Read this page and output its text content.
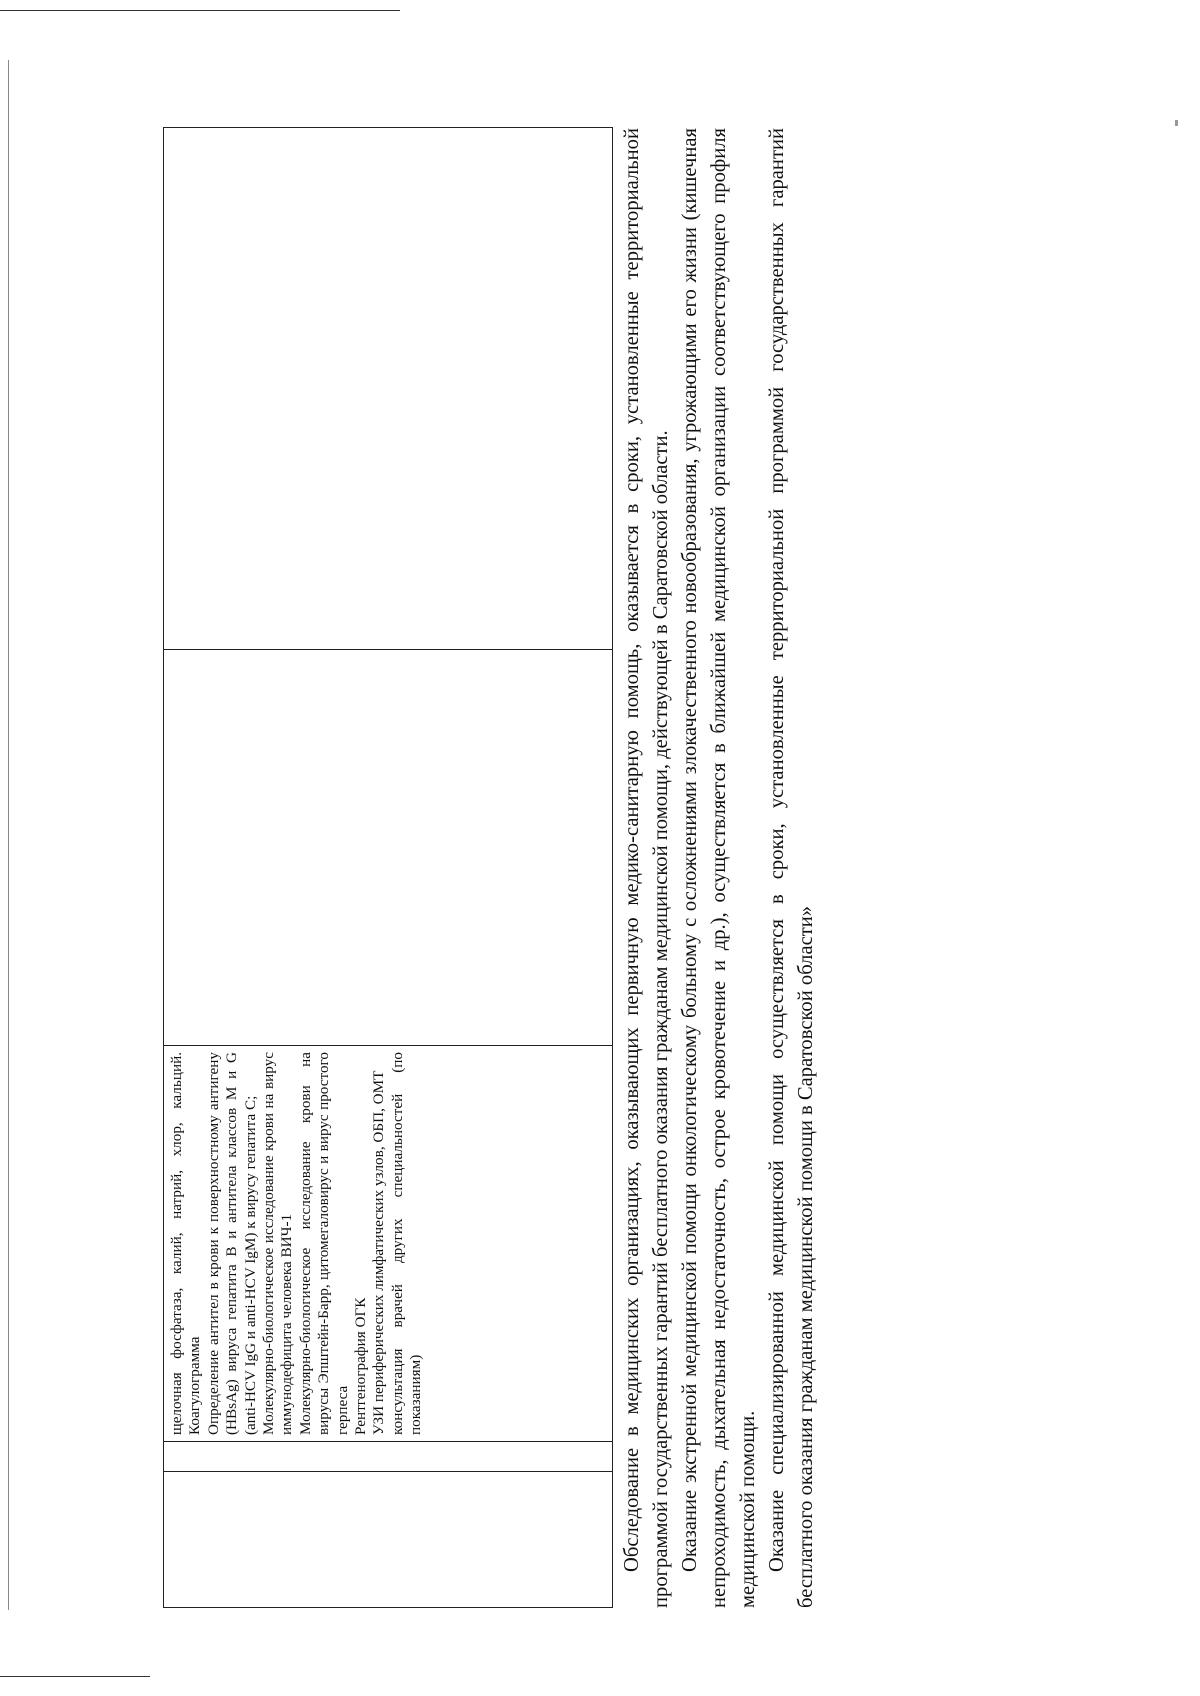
щелочная фосфатаза, калий, натрий, хлор, кальций. Коагулограмма Определение антител в крови к поверхностному антигену (HBsAg) вируса гепатита B и антитела классов M и G (anti-HCV IgG и anti-HCV IgM) к вирусу гепатита C; Молекулярно-биологическое исследование крови на вирус иммунодефицита человека ВИЧ-1 Молекулярно-биологическое исследование крови на вирусы Эпштейн-Барр, цитомегаловирус и вирус простого герпеса Рентгенография ОГК УЗИ периферических лимфатических узлов, ОБП, ОМТ консультация врачей других специальностей (по показаниям)

			Обследование в медицинских организациях, оказывающих первичную медико-санитарную помощь, оказывается в сроки, установленные территориальной программой государственных гарантий бесплатного оказания гражданам медицинской помощи, действующей в Саратовской области. Оказание экстренной медицинской помощи онкологическому больному с осложнениями злокачественного новообразования, угрожающими его жизни (кишечная непроходимость, дыхательная недостаточность, острое кровотечение и др.), осуществляется в ближайшей медицинской организации соответствующего профиля медицинской помощи. Оказание специализированной медицинской помощи осуществляется в сроки, установленные территориальной программой государственных гарантий бесплатного оказания гражданам медицинской помощи в Саратовской области»
